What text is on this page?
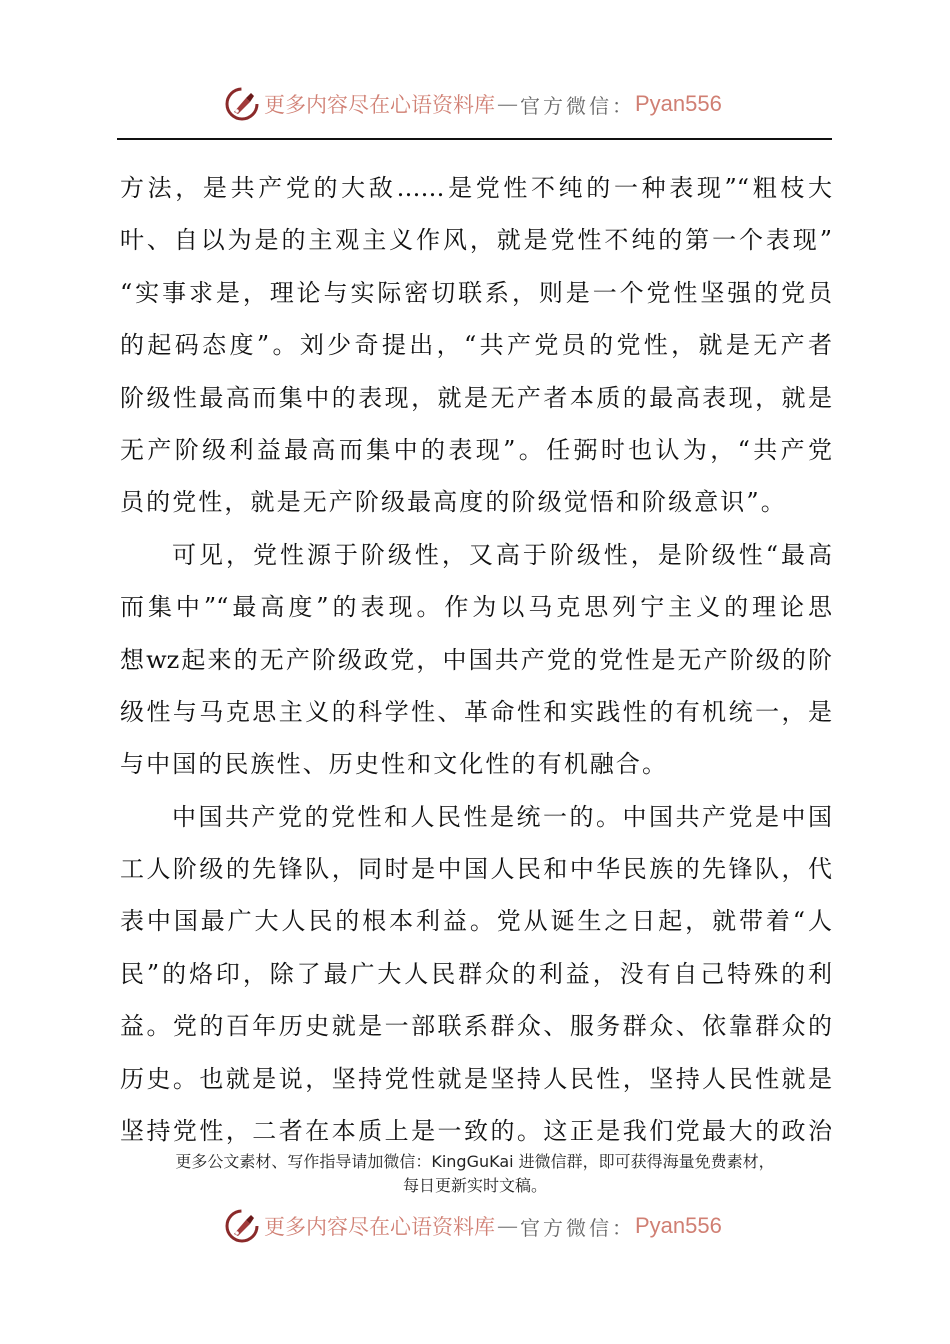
更多内容尽在心语资料库 — 官方微信： Pyan556
方法，是共产党的大敌……是党性不纯的一种表现”“粗枝大
叶、自以为是的主观主义作风，就是党性不纯的第一个表现”
“实事求是，理论与实际密切联系，则是一个党性坚强的党员
的起码态度”。刘少奇提出，“共产党员的党性，就是无产者
阶级性最高而集中的表现，就是无产者本质的最高表现，就是
无产阶级利益最高而集中的表现”。任弼时也认为，“共产党
员的党性，就是无产阶级最高度的阶级觉悟和阶级意识”。
可见，党性源于阶级性，又高于阶级性，是阶级性“最高
而集中”“最高度”的表现。作为以马克思列宁主义的理论思
想wz起来的无产阶级政党，中国共产党的党性是无产阶级的阶
级性与马克思主义的科学性、革命性和实践性的有机统一，是
与中国的民族性、历史性和文化性的有机融合。
中国共产党的党性和人民性是统一的。中国共产党是中国
工人阶级的先锋队，同时是中国人民和中华民族的先锋队，代
表中国最广大人民的根本利益。党从诞生之日起，就带着“人
民”的烙印，除了最广大人民群众的利益，没有自己特殊的利
益。党的百年历史就是一部联系群众、服务群众、依靠群众的
历史。也就是说，坚持党性就是坚持人民性，坚持人民性就是
坚持党性，二者在本质上是一致的。这正是我们党最大的政治
更多公文素材、写作指导请加微信：KingGuKai 进微信群，即可获得海量免费素材，
每日更新实时文稿。
更多内容尽在心语资料库 — 官方微信： Pyan556
